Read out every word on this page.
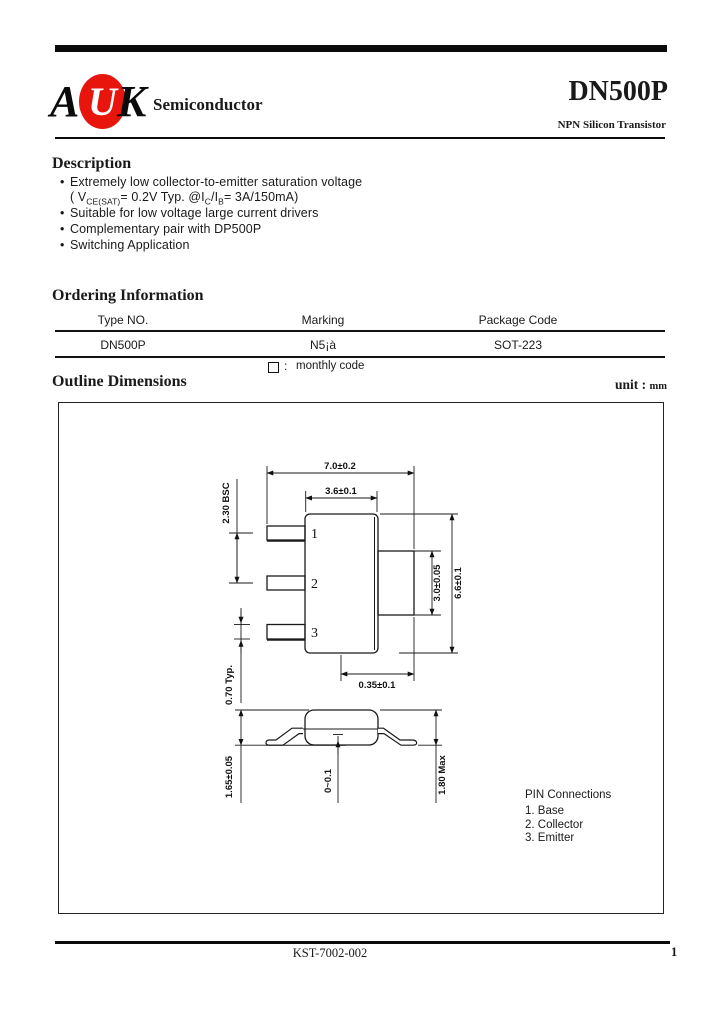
A U K Semiconductor	DN500P
NPN Silicon Transistor
Description
• Extremely low collector-to-emitter saturation voltage
( $V_{CE(SAT)}= 0.2V$ Typ. $@I_C/I_B= 3A/150mA$)
• Suitable for low voltage large current drivers
• Complementary pair with DP500P
• Switching Application
Ordering Information
Type NO.	Marking	Package Code
DN500P	N5¡à	SOT-223
: monthly code
Outline Dimensions	unit : mm
1
2
3
7.0±0.2
3.6±0.1
2.30 BSC
0.70 Typ.
3.0±0.05 6.6±0.1
0.35±0.1
1.65±0.05	0~0.1	1.80 Max
PIN Connections
1. Base
2. Collector
3. Emitter
KST-7002-002	1
